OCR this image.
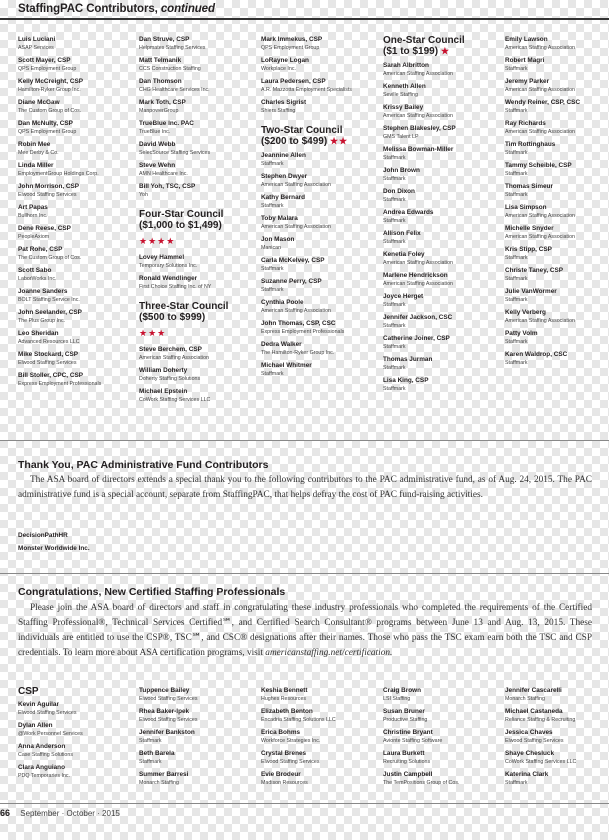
StaffingPAC Contributors, continued
Luis Luciani
ASAP Services
Scott Mayer, CSP
QPS Employment Group
Kelly McCreight, CSP
Hamilton-Ryker Group Inc.
Diane McGaw
The Custom Group of Cos.
Dan McNulty, CSP
QPS Employment Group
Robin Mee
Mee Derby & Co.
Linda Miller
EmploymentGroup Holdings Corp.
John Morrison, CSP
Elwood Staffing Services
Art Papas
Bullhorn Inc.
Dene Reese, CSP
PeopleAxiom
Pat Rohe, CSP
The Custom Group of Cos.
Scott Sabo
LaborWorks Inc.
Joanne Sanders
BOLT Staffing Service Inc.
John Seelander, CSP
The Plus Group Inc.
Leo Sheridan
Advanced Resources LLC
Mike Stockard, CSP
Elwood Staffing Services
Bill Stoller, CPC, CSP
Express Employment Professionals
Dan Struve, CSP
Helpmates Staffing Services
Matt Telmanik
CCS Construction Staffing
Dan Thomson
CHG Healthcare Services Inc.
Mark Toth, CSP
ManpowerGroup
TrueBlue Inc. PAC
TrueBlue Inc.
David Webb
SelecSource Staffing Services
Steve Wehn
AMN Healthcare Inc.
Bill Yoh, TSC, CSP
Yoh
Four-Star Council
($1,000 to $1,499)
★★★★
Lovey Hammel
Temporary Solutions Inc.
Ronald Wendlinger
First Choice Staffing Inc. of NY
Three-Star Council
($500 to $999)
★★★
Steve Berchem, CSP
American Staffing Association
William Doherty
Doherty Staffing Solutions
Michael Epstein
CoWork Staffing Services LLC
Mark Immekus, CSP
QPS Employment Group
LoRayne Logan
Workplace Inc.
Laura Pedersen, CSP
A.R. Mazzotta Employment Specialists
Charles Sigrist
Shiers Staffing
Two-Star Council
($200 to $499) ★★
Jeannine Allen
Staffmark
Stephen Dwyer
American Staffing Association
Kathy Bernard
Staffmark
Toby Malara
American Staffing Association
Jon Mason
Manican
Carla McKelvey, CSP
Staffmark
Suzanne Perry, CSP
Staffmark
Cynthia Poole
American Staffing Association
John Thomas, CSP, CSC
Express Employment Professionals
Dedra Walker
The Hamilton-Ryker Group Inc.
Michael Whitmer
Staffmark
One-Star Council
($1 to $199) ★
Sarah Albritton
American Staffing Association
Kenneth Allen
Seville Staffing
Krissy Bailey
American Staffing Association
Stephen Blakesley, CSP
GMS Talent LP
Melissa Bowman-Miller
Staffmark
John Brown
Staffmark
Don Dixon
Staffmark
Andrea Edwards
Staffmark
Allison Felix
Staffmark
Kenetia Foley
American Staffing Association
Marlene Hendrickson
American Staffing Association
Joyce Herget
Staffmark
Jennifer Jackson, CSC
Staffmark
Catherine Joiner, CSP
Staffmark
Thomas Jurman
Staffmark
Lisa King, CSP
Staffmark
Emily Lawson
American Staffing Association
Robert Magri
Staffmark
Jeremy Parker
American Staffing Association
Wendy Reiner, CSP, CSC
Staffmark
Ray Richards
American Staffing Association
Tim Rottinghaus
Staffmark
Tammy Scheible, CSP
Staffmark
Thomas Simeur
Staffmark
Lisa Simpson
American Staffing Association
Michelle Snyder
American Staffing Association
Kris Stipp, CSP
Staffmark
Christe Taney, CSP
Staffmark
Julie VanWormer
Staffmark
Kelly Verberg
American Staffing Association
Patty Volm
Staffmark
Karen Waldrop, CSC
Staffmark
Thank You, PAC Administrative Fund Contributors
The ASA board of directors extends a special thank you to the following contributors to the PAC administrative fund, as of Aug. 24, 2015. The PAC administrative fund is a special account, separate from StaffingPAC, that helps defray the cost of PAC fund-raising activities.
DecisionPathHR
Monster Worldwide Inc.
Congratulations, New Certified Staffing Professionals
Please join the ASA board of directors and staff in congratulating these industry professionals who completed the requirements of the Certified Staffing Professional®, Technical Services Certified℠, and Certified Search Consultant® programs between June 13 and Aug. 13, 2015. These individuals are entitled to use the CSP®, TSC℠, and CSC® designations after their names. Those who pass the TSC exam earn both the TSC and CSP credentials. To learn more about ASA certification programs, visit americanstaffing.net/certification.
CSP
Kevin Aguilar
Elwood Staffing Services
Dylan Allen
@Work Personnel Services
Anna Anderson
Case Staffing Solutions
Clara Anguiano
PDQ Temporaries Inc.
Tuppence Bailey
Elwood Staffing Services
Rhea Baker-Ipek
Elwood Staffing Services
Jennifer Bankston
Staffmark
Beth Barela
Staffmark
Summer Barresi
Monarch Staffing
Keshia Bennett
Hughes Resources
Elizabeth Benton
Encadria Staffing Solutions LLC
Erica Bohms
Workforce Strategies Inc.
Crystal Brenes
Elwood Staffing Services
Evie Brodeur
Madison Resources
Craig Brown
LSI Staffing
Susan Bruner
Productive Staffing
Christine Bryant
Avionte Staffing Software
Laura Burkett
Recruiting Solutions
Justin Campbell
The TemPositions Group of Cos.
Jennifer Cascarelli
Monarch Staffing
Michael Castaneda
Reliance Staffing & Recruiting
Jessica Chaves
Elwood Staffing Services
Shaye Chesluck
CoWork Staffing Services LLC
Katerina Clark
Staffmark
66 September · October · 2015
